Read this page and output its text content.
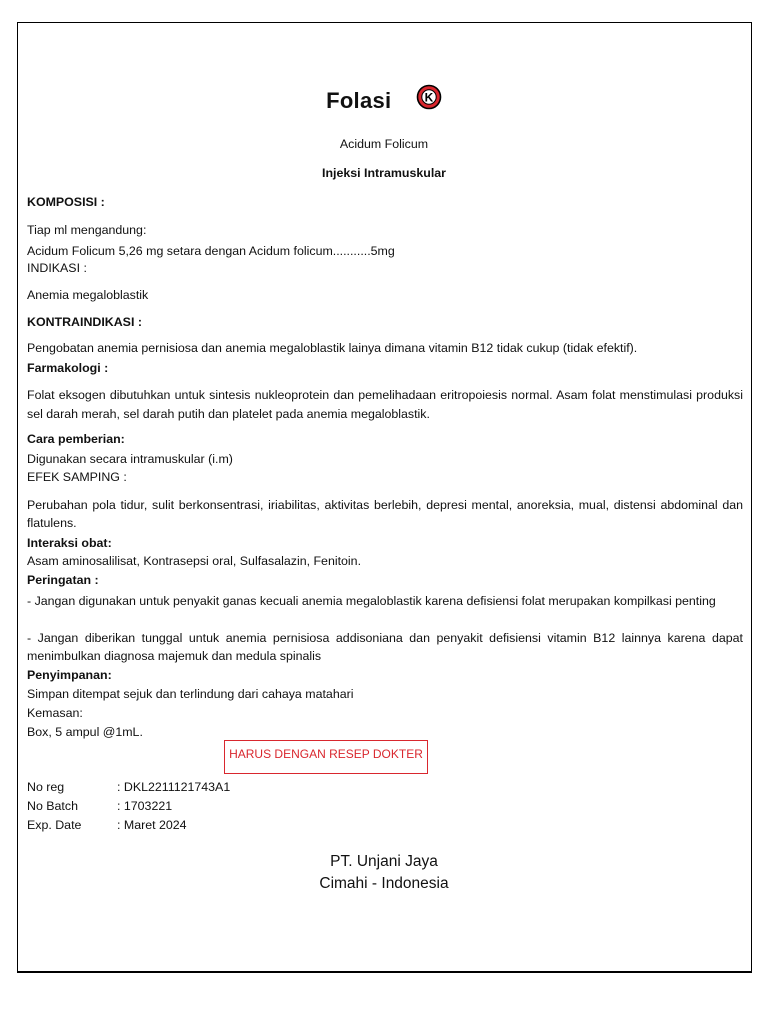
Folasi	K
Acidum Folicum
Injeksi Intramuskular
KOMPOSISI :
Tiap ml mengandung:
Acidum Folicum 5,26 mg setara dengan Acidum folicum...........5mg
INDIKASI :
Anemia megaloblastik
KONTRAINDIKASI :
Pengobatan anemia pernisiosa dan anemia megaloblastik lainya dimana vitamin B12 tidak cukup (tidak efektif).
Farmakologi :
Folat eksogen dibutuhkan untuk sintesis nukleoprotein dan pemelihadaan eritropoiesis normal. Asam folat menstimulasi produksi sel darah merah, sel darah putih dan platelet pada anemia megaloblastik.
Cara pemberian:
Digunakan secara intramuskular (i.m)
EFEK SAMPING :
Perubahan pola tidur, sulit berkonsentrasi, iriabilitas, aktivitas berlebih, depresi mental, anoreksia, mual, distensi abdominal dan flatulens.
Interaksi obat:
Asam aminosalilisat, Kontrasepsi oral, Sulfasalazin, Fenitoin.
Peringatan :
- Jangan digunakan untuk penyakit ganas kecuali anemia megaloblastik karena defisiensi folat merupakan kompilkasi penting
- Jangan diberikan tunggal untuk anemia pernisiosa addisoniana dan penyakit defisiensi vitamin B12 lainnya karena dapat menimbulkan diagnosa majemuk dan medula spinalis
Penyimpanan:
Simpan ditempat sejuk dan terlindung dari cahaya matahari
Kemasan:
Box, 5 ampul @1mL.
HARUS DENGAN RESEP DOKTER
No reg	: DKL2211121743A1
No Batch	: 1703221
Exp. Date	: Maret 2024
PT. Unjani Jaya
Cimahi - Indonesia
